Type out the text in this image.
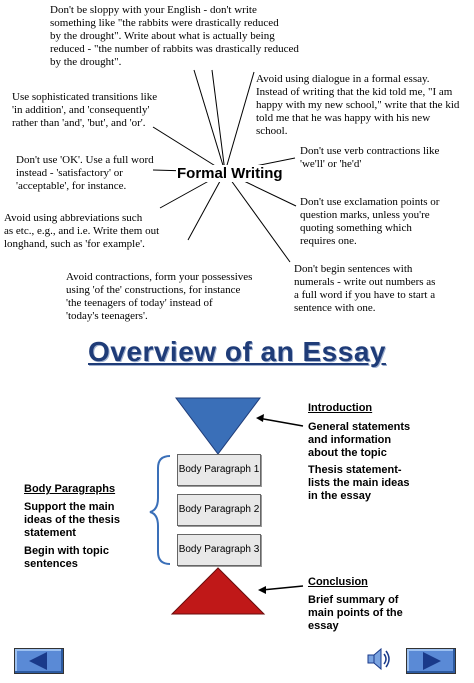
Formal Writing
Don't be sloppy with your English - don't write
something like "the rabbits were drastically reduced
by the drought". Write about what is actually being
reduced - "the number of rabbits was drastically reduced
by the drought".
Avoid using dialogue in a formal essay.
Instead of writing that the kid told me, "I am
happy with my new school," write that the kid
told me that he was happy with his new
school.
Use sophisticated transitions like
'in addition', and 'consequently'
rather than 'and', 'but', and 'or'.
Don't use 'OK'. Use a full word
instead - 'satisfactory' or
'acceptable', for instance.
Don't use verb contractions like
'we'll' or 'he'd'
Don't use exclamation points or
question marks, unless you're
quoting something which
requires one.
Avoid using abbreviations such
as etc., e.g., and i.e. Write them out
longhand, such as 'for example'.
Avoid contractions, form your possessives
using 'of the' constructions, for instance
'the teenagers of today' instead of
'today's teenagers'.
Don't begin sentences with
numerals - write out numbers as
a full word if you have to start a
sentence with one.
Overview of an Essay
Body Paragraph 1
Body Paragraph 2
Body Paragraph 3
Introduction
General statements
and information
about the topic
Thesis statement-
lists the main ideas
in the essay
Body Paragraphs
Support the main
ideas of the thesis
statement
Begin with topic
sentences
Conclusion
Brief summary of
main points of the
essay
